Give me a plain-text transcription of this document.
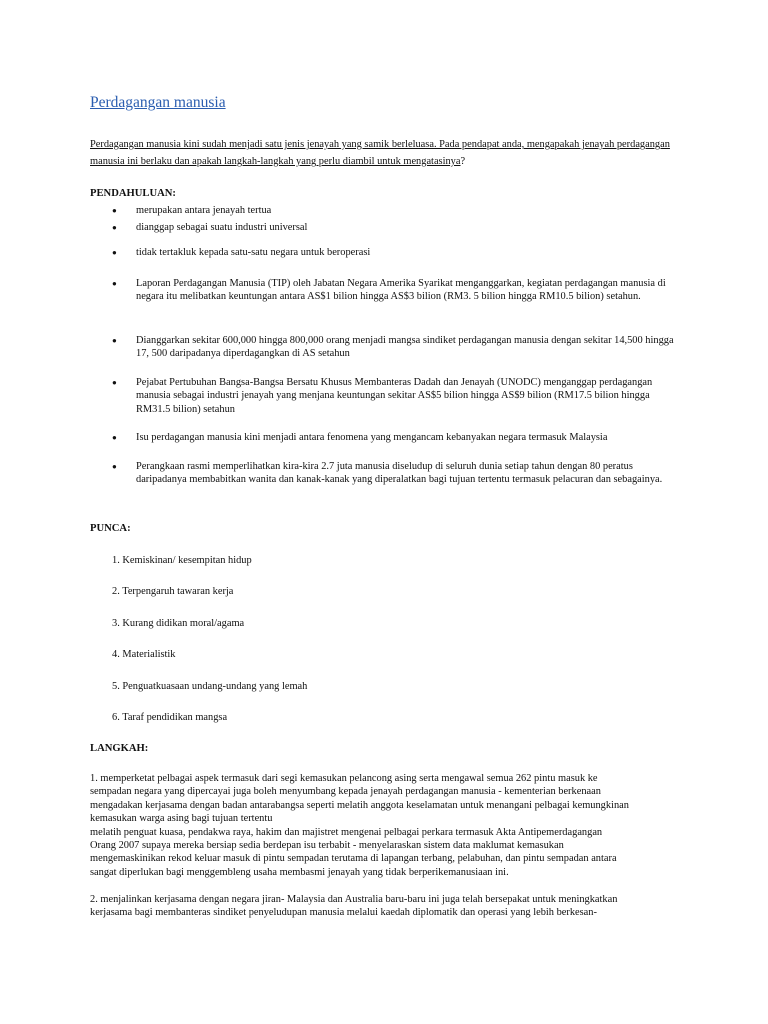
Perdagangan manusia
Perdagangan manusia kini sudah menjadi satu jenis jenayah yang samik berleluasa. Pada pendapat anda, mengapakah jenayah perdagangan manusia ini berlaku dan apakah langkah-langkah yang perlu diambil untuk mengatasinya?
PENDAHULUAN:
● merupakan antara jenayah tertua
● dianggap sebagai suatu industri universal
● tidak tertakluk kepada satu-satu negara untuk beroperasi
● Laporan Perdagangan Manusia (TIP) oleh Jabatan Negara Amerika Syarikat menganggarkan, kegiatan perdagangan manusia di negara itu melibatkan keuntungan antara AS$1 bilion hingga AS$3 bilion (RM3. 5 bilion hingga RM10.5 bilion) setahun.
● Dianggarkan sekitar 600,000 hingga 800,000 orang menjadi mangsa sindiket perdagangan manusia dengan sekitar 14,500 hingga 17, 500 daripadanya diperdagangkan di AS setahun
● Pejabat Pertubuhan Bangsa-Bangsa Bersatu Khusus Membanteras Dadah dan Jenayah (UNODC) menganggap perdagangan manusia sebagai industri jenayah yang menjana keuntungan sekitar AS$5 bilion hingga AS$9 bilion (RM17.5 bilion hingga RM31.5 bilion) setahun
● Isu perdagangan manusia kini menjadi antara fenomena yang mengancam kebanyakan negara termasuk Malaysia
● Perangkaan rasmi memperlihatkan kira-kira 2.7 juta manusia diseludup di seluruh dunia setiap tahun dengan 80 peratus daripadanya membabitkan wanita dan kanak-kanak yang diperalatkan bagi tujuan tertentu termasuk pelacuran dan sebagainya.
PUNCA:
1. Kemiskinan/ kesempitan hidup
2. Terpengaruh tawaran kerja
3. Kurang didikan moral/agama
4. Materialistik
5. Penguatkuasaan undang-undang yang lemah
6. Taraf pendidikan mangsa
LANGKAH:
1. memperketat pelbagai aspek termasuk dari segi kemasukan pelancong asing serta mengawal semua 262 pintu masuk ke
sempadan negara yang dipercayai juga boleh menyumbang kepada jenayah perdagangan manusia - kementerian berkenaan
mengadakan kerjasama dengan badan antarabangsa seperti melatih anggota keselamatan untuk menangani pelbagai kemungkinan
kemasukan warga asing bagi tujuan tertentu
melatih penguat kuasa, pendakwa raya, hakim dan majistret mengenai pelbagai perkara termasuk Akta Antipemerdagangan
Orang 2007 supaya mereka bersiap sedia berdepan isu terbabit - menyelaraskan sistem data maklumat kemasukan
mengemaskinikan rekod keluar masuk di pintu sempadan terutama di lapangan terbang, pelabuhan, dan pintu sempadan antara
sangat diperlukan bagi menggembleng usaha membasmi jenayah yang tidak berperikemanusiaan ini.
2. menjalinkan kerjasama dengan negara jiran- Malaysia dan Australia baru-baru ini juga telah bersepakat untuk meningkatkan
kerjasama bagi membanteras sindiket penyeludupan manusia melalui kaedah diplomatik dan operasi yang lebih berkesan-
